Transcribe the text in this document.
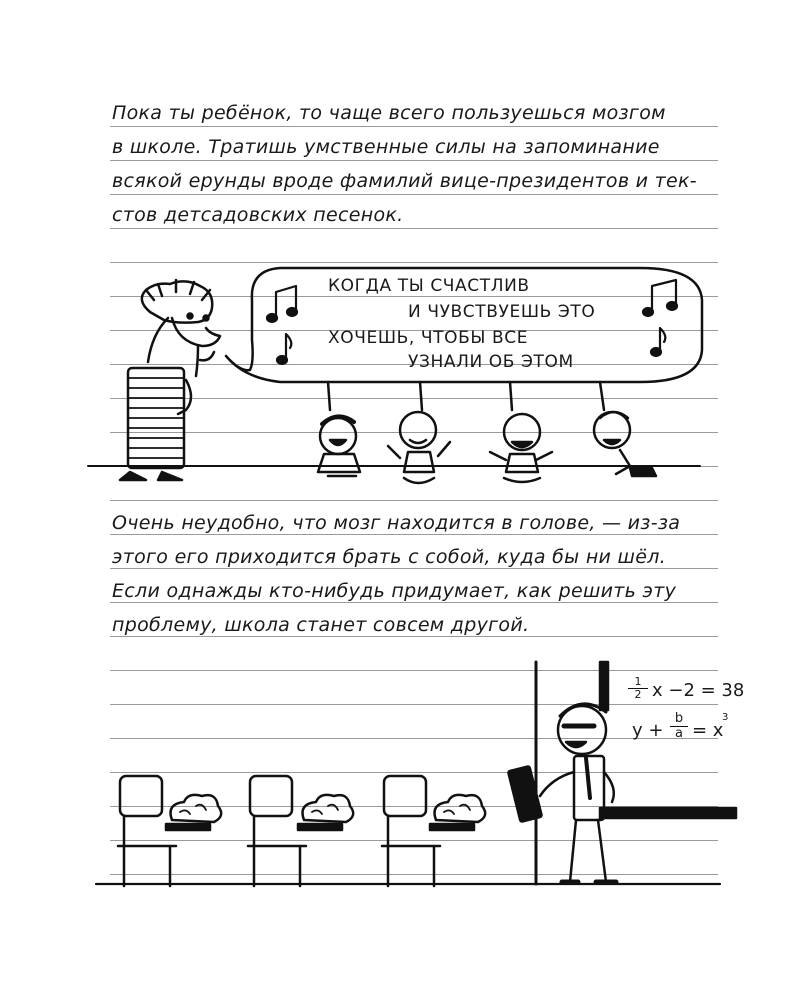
Пока ты ребёнок, то чаще всего пользуешься мозгом
в школе. Тратишь умственные силы на запоминание
всякой ерунды вроде фамилий вице-президентов и тек-
стов детсадовских песенок.
КОГДА ТЫ СЧАСТЛИВ
И ЧУВСТВУЕШЬ ЭТО
ХОЧЕШЬ, ЧТОБЫ ВСЕ
УЗНАЛИ ОБ ЭТОМ
Очень неудобно, что мозг находится в голове, — из-за
этого его приходится брать с собой, куда бы ни шёл.
Если однажды кто-нибудь придумает, как решить эту
проблему, школа станет совсем другой.
$\frac{1}{2}$ x −2 = 38
$y + \frac{b}{a} = x$
3
